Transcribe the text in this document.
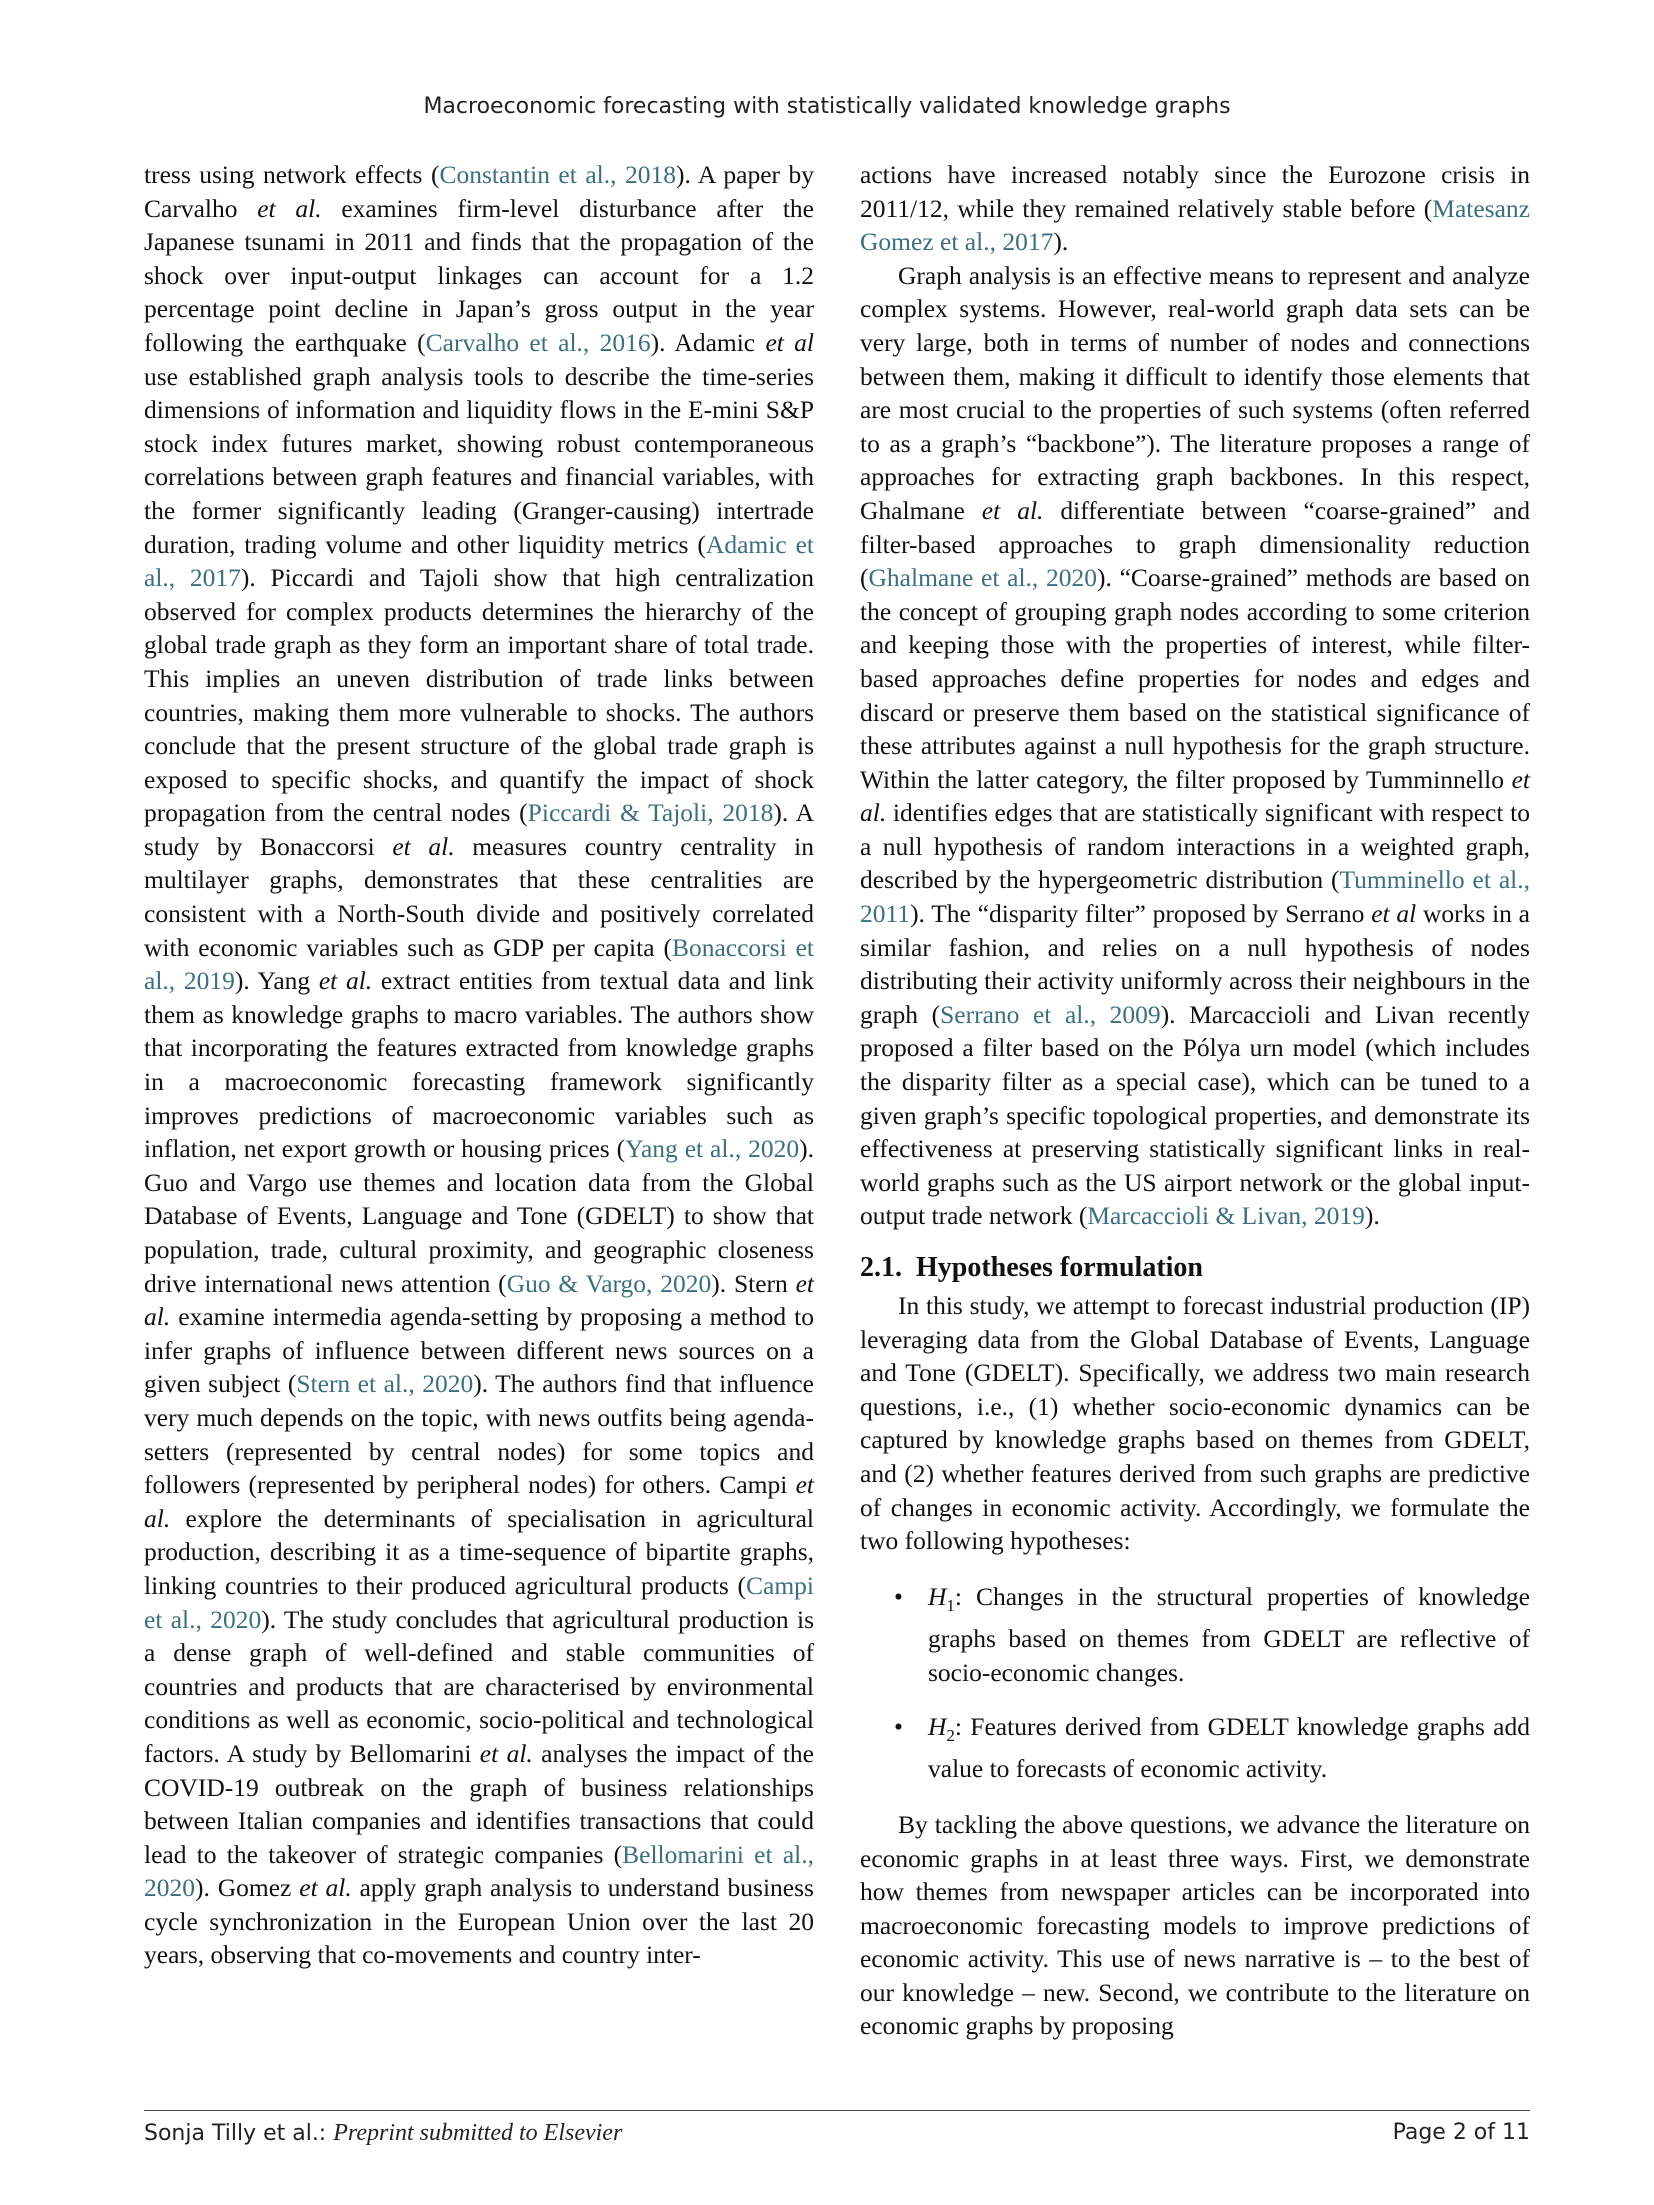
Macroeconomic forecasting with statistically validated knowledge graphs

tress using network effects (Constantin et al., 2018). A paper by Carvalho et al. examines firm-level disturbance after the Japanese tsunami in 2011 and finds that the propagation of the shock over input-output linkages can account for a 1.2 percentage point decline in Japan’s gross output in the year following the earthquake (Carvalho et al., 2016). Adamic et al use established graph analysis tools to describe the time-series dimensions of information and liquidity flows in the E-mini S&P stock index futures market, showing robust contemporaneous correlations between graph features and financial variables, with the former significantly leading (Granger-causing) intertrade duration, trading volume and other liquidity metrics (Adamic et al., 2017). Piccardi and Tajoli show that high centralization observed for complex products determines the hierarchy of the global trade graph as they form an important share of total trade. This implies an uneven distribution of trade links between countries, making them more vulnerable to shocks. The authors conclude that the present structure of the global trade graph is exposed to specific shocks, and quantify the impact of shock propagation from the central nodes (Piccardi & Tajoli, 2018). A study by Bonaccorsi et al. measures country centrality in multilayer graphs, demonstrates that these centralities are consistent with a North-South divide and positively correlated with economic variables such as GDP per capita (Bonaccorsi et al., 2019). Yang et al. extract entities from textual data and link them as knowledge graphs to macro variables. The authors show that incorporating the features extracted from knowledge graphs in a macroeconomic forecasting framework significantly improves predictions of macroeconomic variables such as inflation, net export growth or housing prices (Yang et al., 2020). Guo and Vargo use themes and location data from the Global Database of Events, Language and Tone (GDELT) to show that population, trade, cultural proximity, and geographic closeness drive international news attention (Guo & Vargo, 2020). Stern et al. examine intermedia agenda-setting by proposing a method to infer graphs of influence between different news sources on a given subject (Stern et al., 2020). The authors find that influence very much depends on the topic, with news outfits being agenda-setters (represented by central nodes) for some topics and followers (represented by peripheral nodes) for others. Campi et al. explore the determinants of specialisation in agricultural production, describing it as a time-sequence of bipartite graphs, linking countries to their produced agricultural products (Campi et al., 2020). The study concludes that agricultural production is a dense graph of well-defined and stable communities of countries and products that are characterised by environmental conditions as well as economic, socio-political and technological factors. A study by Bellomarini et al. analyses the impact of the COVID-19 outbreak on the graph of business relationships between Italian companies and identifies transactions that could lead to the takeover of strategic companies (Bellomarini et al., 2020). Gomez et al. apply graph analysis to understand business cycle synchronization in the European Union over the last 20 years, observing that co-movements and country inter-

actions have increased notably since the Eurozone crisis in 2011/12, while they remained relatively stable before (Matesanz Gomez et al., 2017).

Graph analysis is an effective means to represent and analyze complex systems. However, real-world graph data sets can be very large, both in terms of number of nodes and connections between them, making it difficult to identify those elements that are most crucial to the properties of such systems (often referred to as a graph’s “backbone”). The literature proposes a range of approaches for extracting graph backbones. In this respect, Ghalmane et al. differentiate between “coarse-grained” and filter-based approaches to graph dimensionality reduction (Ghalmane et al., 2020). “Coarse-grained” methods are based on the concept of grouping graph nodes according to some criterion and keeping those with the properties of interest, while filter-based approaches define properties for nodes and edges and discard or preserve them based on the statistical significance of these attributes against a null hypothesis for the graph structure. Within the latter category, the filter proposed by Tumminnello et al. identifies edges that are statistically significant with respect to a null hypothesis of random interactions in a weighted graph, described by the hypergeometric distribution (Tumminello et al., 2011). The “disparity filter” proposed by Serrano et al works in a similar fashion, and relies on a null hypothesis of nodes distributing their activity uniformly across their neighbours in the graph (Serrano et al., 2009). Marcaccioli and Livan recently proposed a filter based on the Pólya urn model (which includes the disparity filter as a special case), which can be tuned to a given graph’s specific topological properties, and demonstrate its effectiveness at preserving statistically significant links in real-world graphs such as the US airport network or the global input-output trade network (Marcaccioli & Livan, 2019).

2.1. Hypotheses formulation

In this study, we attempt to forecast industrial production (IP) leveraging data from the Global Database of Events, Language and Tone (GDELT). Specifically, we address two main research questions, i.e., (1) whether socio-economic dynamics can be captured by knowledge graphs based on themes from GDELT, and (2) whether features derived from such graphs are predictive of changes in economic activity. Accordingly, we formulate the two following hypotheses:

• $H_1$: Changes in the structural properties of knowledge graphs based on themes from GDELT are reflective of socio-economic changes.
• $H_2$: Features derived from GDELT knowledge graphs add value to forecasts of economic activity.

By tackling the above questions, we advance the literature on economic graphs in at least three ways. First, we demonstrate how themes from newspaper articles can be incorporated into macroeconomic forecasting models to improve predictions of economic activity. This use of news narrative is – to the best of our knowledge – new. Second, we contribute to the literature on economic graphs by proposing

Sonja Tilly et al.: Preprint submitted to Elsevier	Page 2 of 11
